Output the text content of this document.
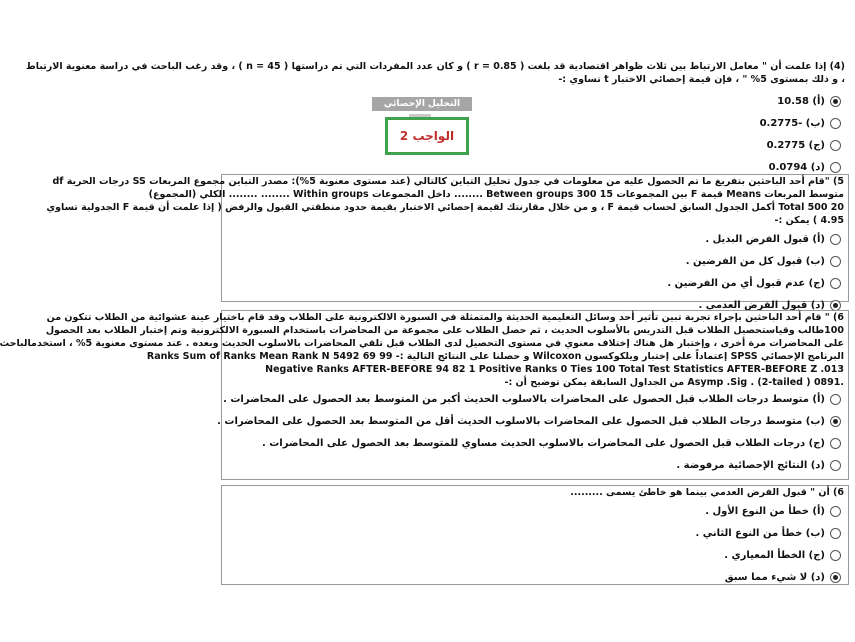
(4) إذا علمت أن " معامل الارتباط بين ثلاث ظواهر اقتصادية قد بلغت ( r = 0.85 ) و كان عدد المفردات التي تم دراستها ( n = 45 ) ، وقد رغب الباحث في دراسة معنوية الارتباط
، و ذلك بمستوى 5% " ، فإن قيمة إحصائي الاختبار t تساوي :-
(أ) 10.58
(ب) -0.2775
(ج) 0.2775
(د) 0.0794
التحليل الإحصائي
الواجب 2
5) "قام أحد الباحثين بتفريغ ما تم الحصول عليه من معلومات في جدول تحليل التباين كالتالي (عند مستوى معنوية 5%): مصدر التباين مجموع المربعات SS درجات الحرية df
متوسط المربعات Means قيمة F بين المجموعات Between groups 300 15 ........ داخل المجموعات Within groups ........ ........ الكلي (المجموع)
Total 500 20 أكمل الجدول السابق لحساب قيمة F ، و من خلال مقارنتك لقيمة إحصائي الاختبار بقيمة حدود منطقتي القبول والرفض ( إذا علمت أن قيمة F الجدولية تساوي
4.95 ) يمكن :-
(أ) قبول الفرض البديل .
(ب) قبول كل من الفرضين .
(ج) عدم قبول أي من الفرضين .
(د) قبول الفرض العدمي .
6) " قام أحد الباحثين بإجراء تجربة تبين تأثير أحد وسائل التعليمية الحديثة والمتمثلة في السبورة الالكترونية على الطلاب وقد قام باختيار عينة عشوائية من الطلاب تتكون من
100طالب وقياستحصيل الطلاب قبل التدريس بالأسلوب الحديث ، ثم حصل الطلاب على مجموعة من المحاضرات باستخدام السبورة الالكترونية وتم إختبار الطلاب بعد الحصول
على المحاضرات مرة أخرى ، وإختبار هل هناك إختلاف معنوي في مستوى التحصيل لدى الطلاب قبل تلقي المحاضرات بالاسلوب الحديث وبعده . عند مستوى معنوية 5% ، استخدمالباحث
البرنامج الإحصائي SPSS إعتماداً على إختبار ويلكوكسون Wilcoxon و حصلنا على النتائج التالية :- Ranks Sum of Ranks Mean Rank N 5492 69 99
Negative Ranks AFTER-BEFORE 94 82 1 Positive Ranks 0 Ties 100 Total Test Statistics AFTER-BEFORE Z .013
.0891 Asymp .Sig . (2-tailed ) من الجداول السابقة يمكن توضيح أن :-
(أ) متوسط درجات الطلاب قبل الحصول على المحاضرات بالاسلوب الحديث أكبر من المتوسط بعد الحصول على المحاضرات .
(ب) متوسط درجات الطلاب قبل الحصول على المحاضرات بالاسلوب الحديث أقل من المتوسط بعد الحصول على المحاضرات .
(ج) درجات الطلاب قبل الحصول على المحاضرات بالاسلوب الحديث مساوي للمتوسط بعد الحصول على المحاضرات .
(د) النتائج الإحصائية مرفوضة .
6) أن " قبول الفرض العدمي بينما هو خاطئ يسمى .........
(أ) خطأ من النوع الأول .
(ب) خطأ من النوع الثاني .
(ج) الخطأ المعياري .
(د) لا شيء مما سبق
